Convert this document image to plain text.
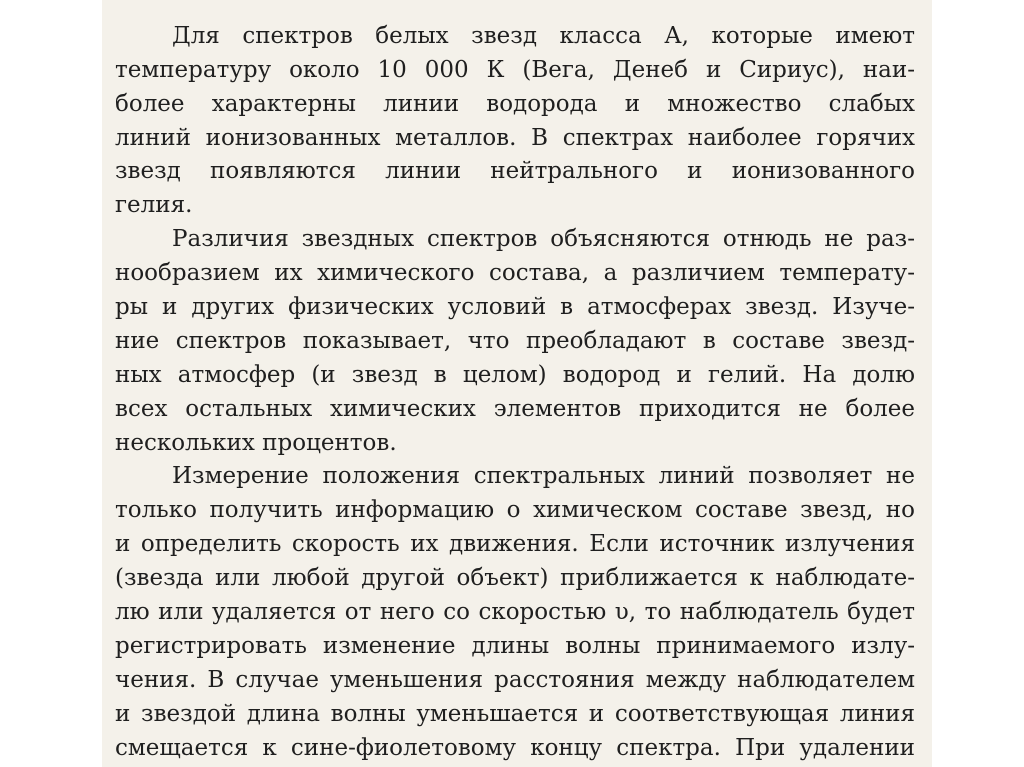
Для спектров белых звезд класса А, которые имеют
температуру около 10 000 К (Вега, Денеб и Сириус), наи-
более характерны линии водорода и множество слабых
линий ионизованных металлов. В спектрах наиболее горячих
звезд появляются линии нейтрального и ионизованного
гелия.
Различия звездных спектров объясняются отнюдь не раз-
нообразием их химического состава, а различием температу-
ры и других физических условий в атмосферах звезд. Изуче-
ние спектров показывает, что преобладают в составе звезд-
ных атмосфер (и звезд в целом) водород и гелий. На долю
всех остальных химических элементов приходится не более
нескольких процентов.
Измерение положения спектральных линий позволяет не
только получить информацию о химическом составе звезд, но
и определить скорость их движения. Если источник излучения
(звезда или любой другой объект) приближается к наблюдате-
лю или удаляется от него со скоростью υ, то наблюдатель будет
регистрировать изменение длины волны принимаемого излу-
чения. В случае уменьшения расстояния между наблюдателем
и звездой длина волны уменьшается и соответствующая линия
смещается к сине-фиолетовому концу спектра. При удалении
